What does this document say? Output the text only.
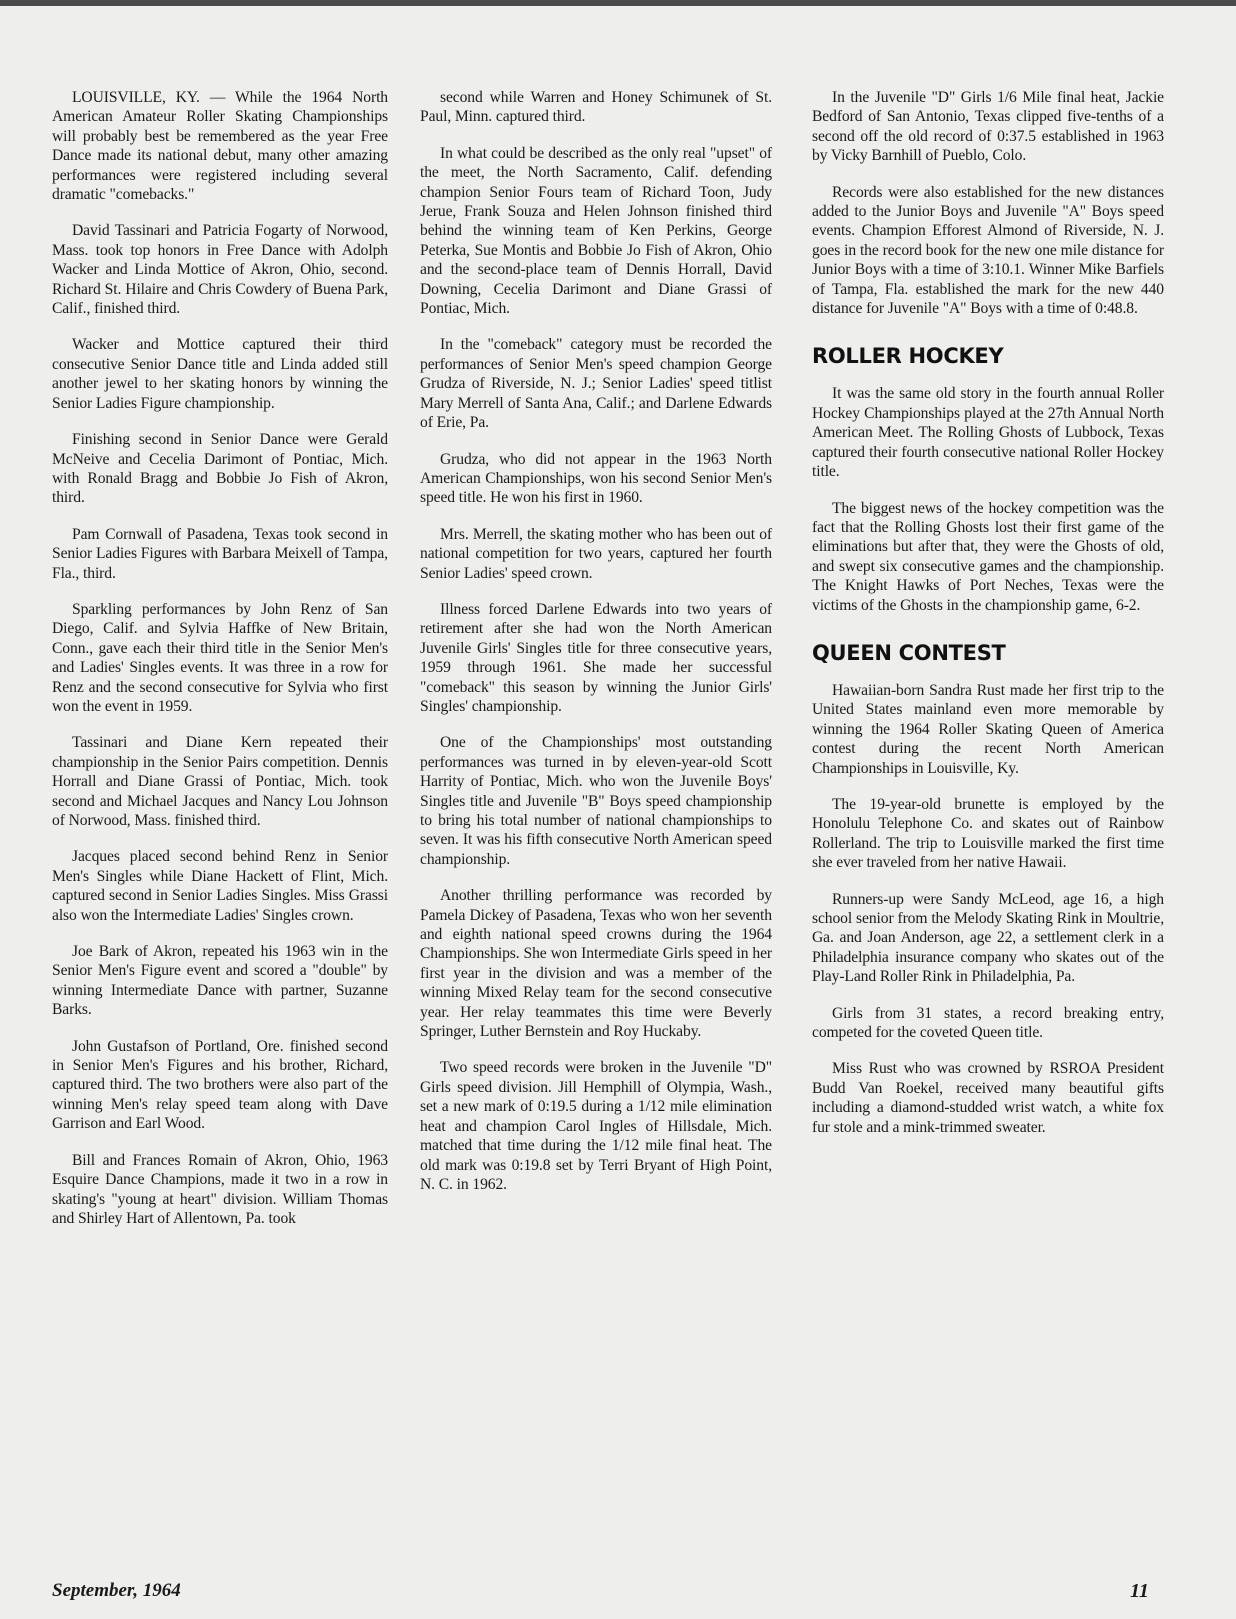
LOUISVILLE, KY. — While the 1964 North American Amateur Roller Skating Championships will probably best be remembered as the year Free Dance made its national debut, many other amazing performances were registered including several dramatic "comebacks."

David Tassinari and Patricia Fogarty of Norwood, Mass. took top honors in Free Dance with Adolph Wacker and Linda Mottice of Akron, Ohio, second. Richard St. Hilaire and Chris Cowdery of Buena Park, Calif., finished third.

Wacker and Mottice captured their third consecutive Senior Dance title and Linda added still another jewel to her skating honors by winning the Senior Ladies Figure championship.

Finishing second in Senior Dance were Gerald McNeive and Cecelia Darimont of Pontiac, Mich. with Ronald Bragg and Bobbie Jo Fish of Akron, third.

Pam Cornwall of Pasadena, Texas took second in Senior Ladies Figures with Barbara Meixell of Tampa, Fla., third.

Sparkling performances by John Renz of San Diego, Calif. and Sylvia Haffke of New Britain, Conn., gave each their third title in the Senior Men's and Ladies' Singles events. It was three in a row for Renz and the second consecutive for Sylvia who first won the event in 1959.

Tassinari and Diane Kern repeated their championship in the Senior Pairs competition. Dennis Horrall and Diane Grassi of Pontiac, Mich. took second and Michael Jacques and Nancy Lou Johnson of Norwood, Mass. finished third.

Jacques placed second behind Renz in Senior Men's Singles while Diane Hackett of Flint, Mich. captured second in Senior Ladies Singles. Miss Grassi also won the Intermediate Ladies' Singles crown.

Joe Bark of Akron, repeated his 1963 win in the Senior Men's Figure event and scored a "double" by winning Intermediate Dance with partner, Suzanne Barks.

John Gustafson of Portland, Ore. finished second in Senior Men's Figures and his brother, Richard, captured third. The two brothers were also part of the winning Men's relay speed team along with Dave Garrison and Earl Wood.

Bill and Frances Romain of Akron, Ohio, 1963 Esquire Dance Champions, made it two in a row in skating's "young at heart" division. William Thomas and Shirley Hart of Allentown, Pa. took

second while Warren and Honey Schimunek of St. Paul, Minn. captured third.

In what could be described as the only real "upset" of the meet, the North Sacramento, Calif. defending champion Senior Fours team of Richard Toon, Judy Jerue, Frank Souza and Helen Johnson finished third behind the winning team of Ken Perkins, George Peterka, Sue Montis and Bobbie Jo Fish of Akron, Ohio and the second-place team of Dennis Horrall, David Downing, Cecelia Darimont and Diane Grassi of Pontiac, Mich.

In the "comeback" category must be recorded the performances of Senior Men's speed champion George Grudza of Riverside, N. J.; Senior Ladies' speed titlist Mary Merrell of Santa Ana, Calif.; and Darlene Edwards of Erie, Pa.

Grudza, who did not appear in the 1963 North American Championships, won his second Senior Men's speed title. He won his first in 1960.

Mrs. Merrell, the skating mother who has been out of national competition for two years, captured her fourth Senior Ladies' speed crown.

Illness forced Darlene Edwards into two years of retirement after she had won the North American Juvenile Girls' Singles title for three consecutive years, 1959 through 1961. She made her successful "comeback" this season by winning the Junior Girls' Singles' championship.

One of the Championships' most outstanding performances was turned in by eleven-year-old Scott Harrity of Pontiac, Mich. who won the Juvenile Boys' Singles title and Juvenile "B" Boys speed championship to bring his total number of national championships to seven. It was his fifth consecutive North American speed championship.

Another thrilling performance was recorded by Pamela Dickey of Pasadena, Texas who won her seventh and eighth national speed crowns during the 1964 Championships. She won Intermediate Girls speed in her first year in the division and was a member of the winning Mixed Relay team for the second consecutive year. Her relay teammates this time were Beverly Springer, Luther Bernstein and Roy Huckaby.

Two speed records were broken in the Juvenile "D" Girls speed division. Jill Hemphill of Olympia, Wash., set a new mark of 0:19.5 during a 1/12 mile elimination heat and champion Carol Ingles of Hillsdale, Mich. matched that time during the 1/12 mile final heat. The old mark was 0:19.8 set by Terri Bryant of High Point, N. C. in 1962.

In the Juvenile "D" Girls 1/6 Mile final heat, Jackie Bedford of San Antonio, Texas clipped five-tenths of a second off the old record of 0:37.5 established in 1963 by Vicky Barnhill of Pueblo, Colo.

Records were also established for the new distances added to the Junior Boys and Juvenile "A" Boys speed events. Champion Efforest Almond of Riverside, N. J. goes in the record book for the new one mile distance for Junior Boys with a time of 3:10.1. Winner Mike Barfiels of Tampa, Fla. established the mark for the new 440 distance for Juvenile "A" Boys with a time of 0:48.8.

ROLLER HOCKEY

It was the same old story in the fourth annual Roller Hockey Championships played at the 27th Annual North American Meet. The Rolling Ghosts of Lubbock, Texas captured their fourth consecutive national Roller Hockey title.

The biggest news of the hockey competition was the fact that the Rolling Ghosts lost their first game of the eliminations but after that, they were the Ghosts of old, and swept six consecutive games and the championship. The Knight Hawks of Port Neches, Texas were the victims of the Ghosts in the championship game, 6-2.

QUEEN CONTEST

Hawaiian-born Sandra Rust made her first trip to the United States mainland even more memorable by winning the 1964 Roller Skating Queen of America contest during the recent North American Championships in Louisville, Ky.

The 19-year-old brunette is employed by the Honolulu Telephone Co. and skates out of Rainbow Rollerland. The trip to Louisville marked the first time she ever traveled from her native Hawaii.

Runners-up were Sandy McLeod, age 16, a high school senior from the Melody Skating Rink in Moultrie, Ga. and Joan Anderson, age 22, a settlement clerk in a Philadelphia insurance company who skates out of the Play-Land Roller Rink in Philadelphia, Pa.

Girls from 31 states, a record breaking entry, competed for the coveted Queen title.

Miss Rust who was crowned by RSROA President Budd Van Roekel, received many beautiful gifts including a diamond-studded wrist watch, a white fox fur stole and a mink-trimmed sweater.

September, 1964	11
